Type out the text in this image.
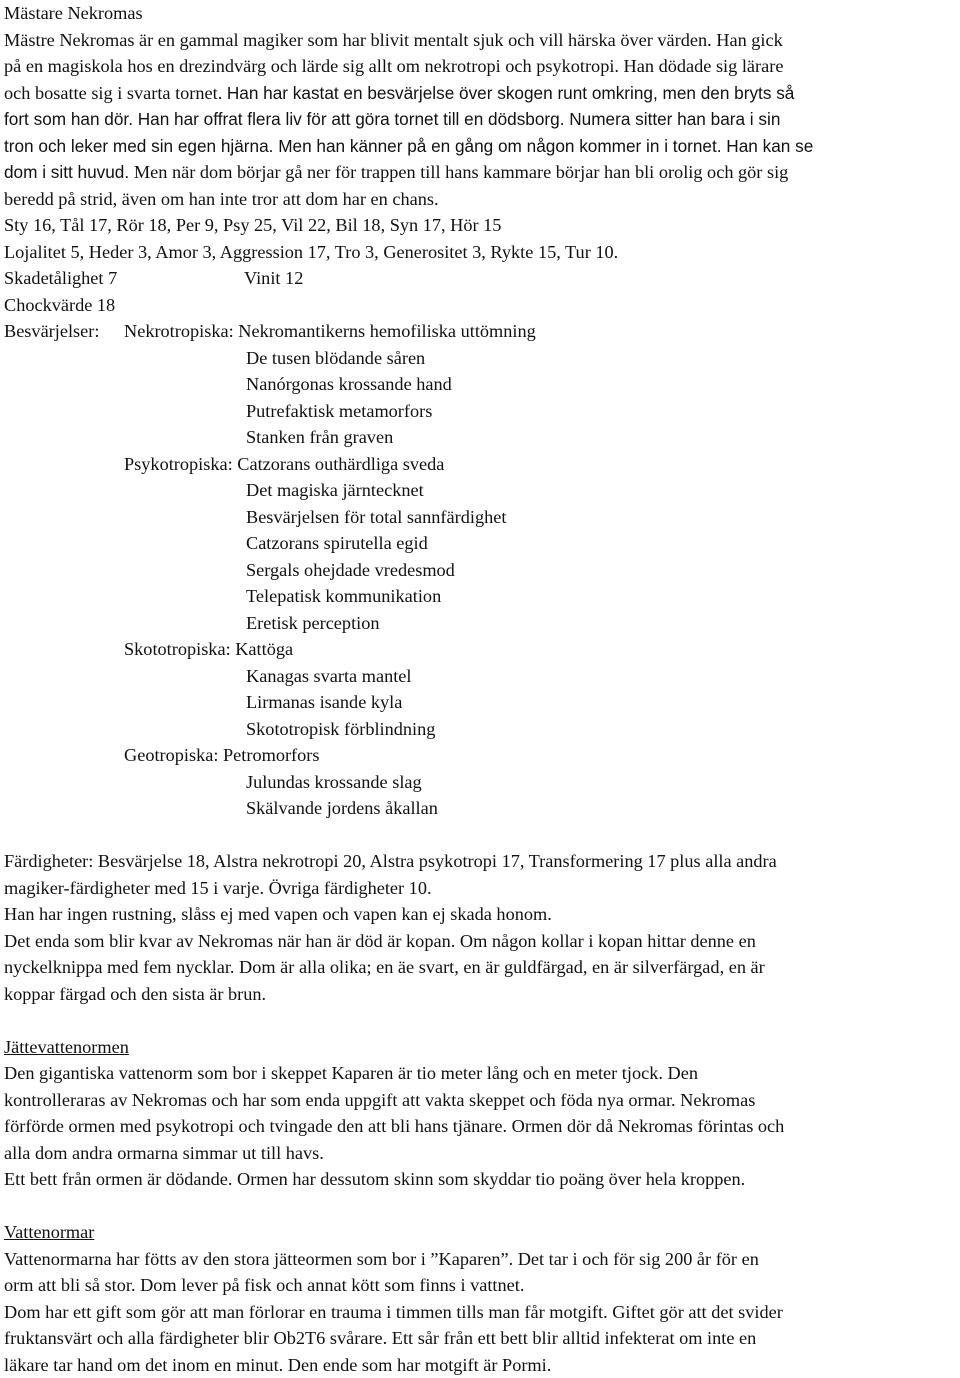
Mästare Nekromas
Mästre Nekromas är en gammal magiker som har blivit mentalt sjuk och vill härska över värden. Han gick
på en magiskola hos en drezindvärg och lärde sig allt om nekrotropi och psykotropi. Han dödade sig lärare
och bosatte sig i svarta tornet. Han har kastat en besvärjelse över skogen runt omkring, men den bryts så
fort som han dör. Han har offrat flera liv för att göra tornet till en dödsborg. Numera sitter han bara i sin
tron och leker med sin egen hjärna. Men han känner på en gång om någon kommer in i tornet. Han kan se
dom i sitt huvud. Men när dom börjar gå ner för trappen till hans kammare börjar han bli orolig och gör sig
beredd på strid, även om han inte tror att dom har en chans.
Sty 16, Tål 17, Rör 18, Per 9, Psy 25, Vil 22, Bil 18, Syn 17, Hör 15
Lojalitet 5, Heder 3, Amor 3, Aggression 17, Tro 3, Generositet 3, Rykte 15, Tur 10.
Skadetålighet 7	Vinit 12
Chockvärde 18
Besvärjelser: Nekrotropiska: Nekromantikerns hemofiliska uttömning
De tusen blödande såren
Nanórgonas krossande hand
Putrefaktisk metamorfors
Stanken från graven
Psykotropiska: Catzorans outhärdliga sveda
Det magiska järntecknet
Besvärjelsen för total sannfärdighet
Catzorans spirutella egid
Sergals ohejdade vredesmod
Telepatisk kommunikation
Eretisk perception
Skototropiska: Kattöga
Kanagas svarta mantel
Lirmanas isande kyla
Skototropisk förblindning
Geotropiska: Petromorfors
Julundas krossande slag
Skälvande jordens åkallan
Färdigheter: Besvärjelse 18, Alstra nekrotropi 20, Alstra psykotropi 17, Transformering 17 plus alla andra
magiker-färdigheter med 15 i varje. Övriga färdigheter 10.
Han har ingen rustning, slåss ej med vapen och vapen kan ej skada honom.
Det enda som blir kvar av Nekromas när han är död är kopan. Om någon kollar i kopan hittar denne en
nyckelknippa med fem nycklar. Dom är alla olika; en äe svart, en är guldfärgad, en är silverfärgad, en är
koppar färgad och den sista är brun.
Jättevattenormen
Den gigantiska vattenorm som bor i skeppet Kaparen är tio meter lång och en meter tjock. Den
kontrolleraras av Nekromas och har som enda uppgift att vakta skeppet och föda nya ormar. Nekromas
förförde ormen med psykotropi och tvingade den att bli hans tjänare. Ormen dör då Nekromas förintas och
alla dom andra ormarna simmar ut till havs.
Ett bett från ormen är dödande. Ormen har dessutom skinn som skyddar tio poäng över hela kroppen.
Vattenormar
Vattenormarna har fötts av den stora jätteormen som bor i ”Kaparen”. Det tar i och för sig 200 år för en
orm att bli så stor. Dom lever på fisk och annat kött som finns i vattnet.
Dom har ett gift som gör att man förlorar en trauma i timmen tills man får motgift. Giftet gör att det svider
fruktansvärt och alla färdigheter blir Ob2T6 svårare. Ett sår från ett bett blir alltid infekterat om inte en
läkare tar hand om det inom en minut. Den ende som har motgift är Pormi.
